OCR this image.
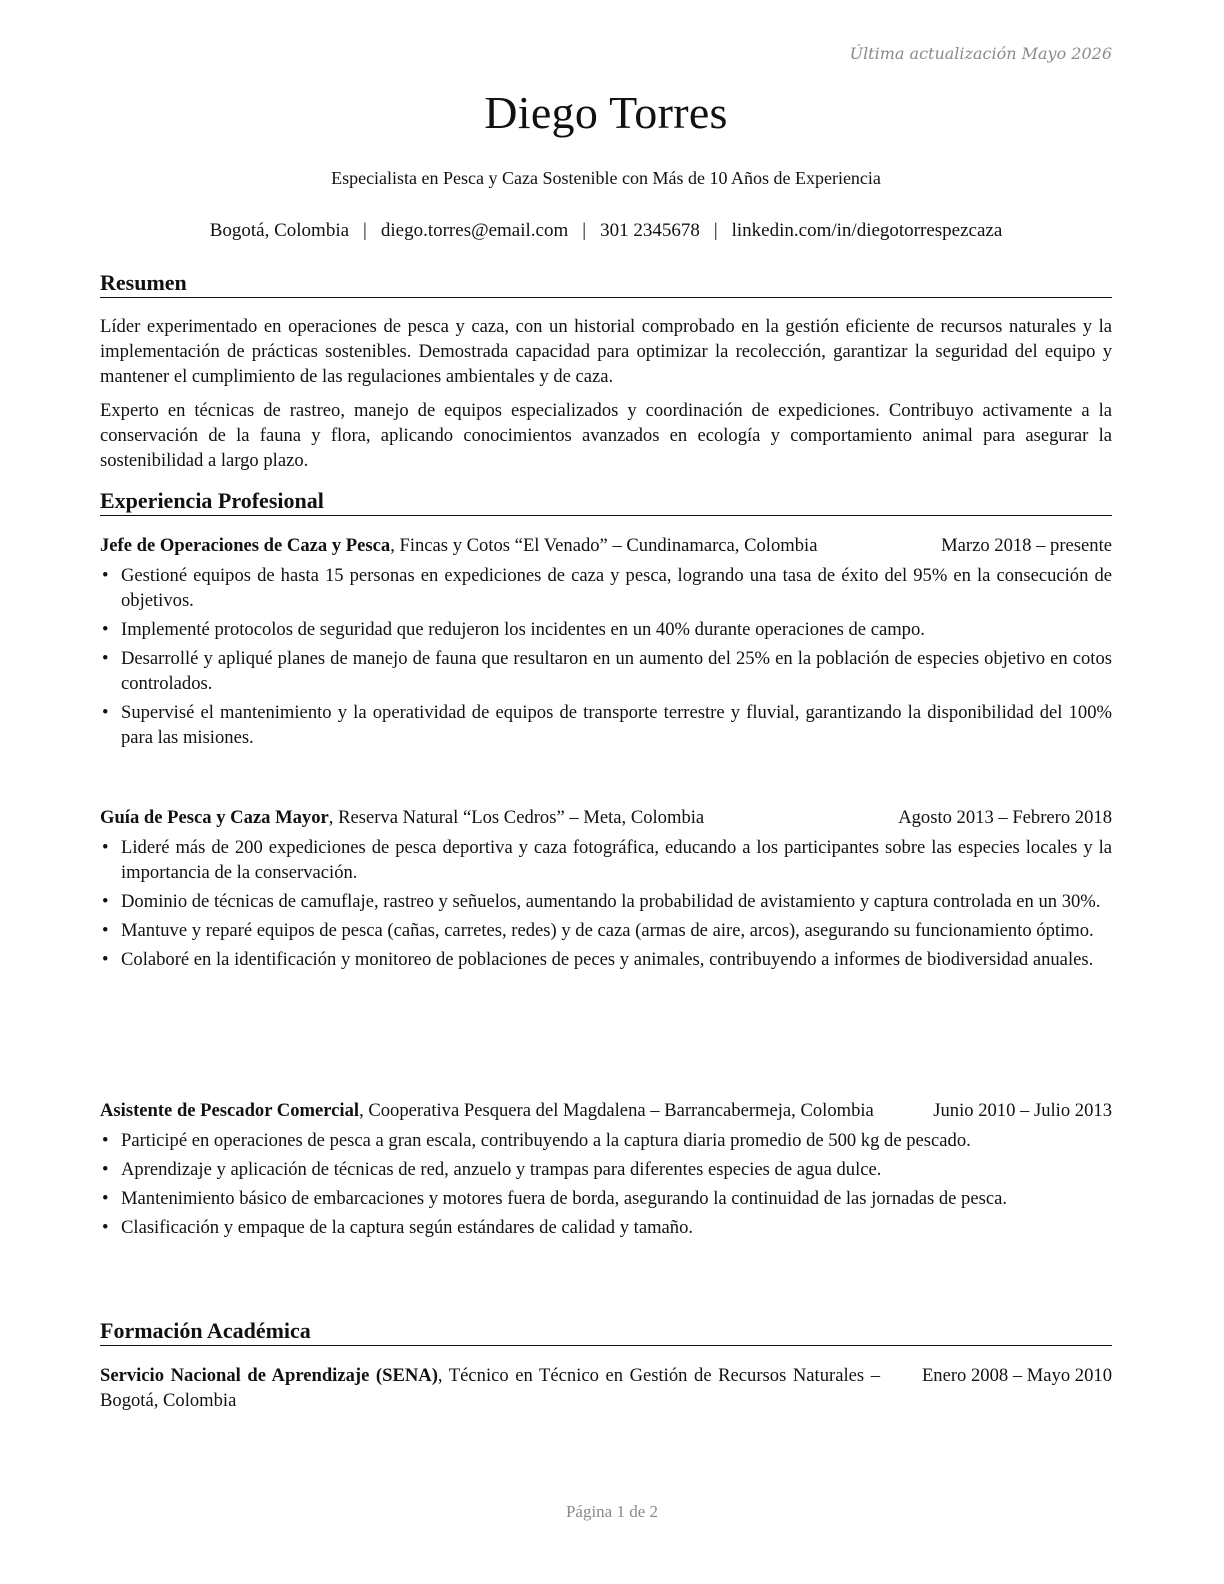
Última actualización Mayo 2026
Diego Torres
Especialista en Pesca y Caza Sostenible con Más de 10 Años de Experiencia
Bogotá, Colombia | diego.torres@email.com | 301 2345678 | linkedin.com/in/diegotorrespezcaza
Resumen

Líder experimentado en operaciones de pesca y caza, con un historial comprobado en la gestión eficiente de recursos naturales y la implementación de prácticas sostenibles. Demostrada capacidad para optimizar la recolección, garantizar la seguridad del equipo y mantener el cumplimiento de las regulaciones ambientales y de caza.

Experto en técnicas de rastreo, manejo de equipos especializados y coordinación de expediciones. Contribuyo activamente a la conservación de la fauna y flora, aplicando conocimientos avanzados en ecología y comportamiento animal para asegurar la sostenibilidad a largo plazo.

Experiencia Profesional
Jefe de Operaciones de Caza y Pesca, Fincas y Cotos “El Venado” – Cundinamarca, Colombia	Marzo 2018 – presente
• Gestioné equipos de hasta 15 personas en expediciones de caza y pesca, logrando una tasa de éxito del 95% en la consecución de objetivos.
• Implementé protocolos de seguridad que redujeron los incidentes en un 40% durante operaciones de campo.
• Desarrollé y apliqué planes de manejo de fauna que resultaron en un aumento del 25% en la población de especies objetivo en cotos controlados.
• Supervisé el mantenimiento y la operatividad de equipos de transporte terrestre y fluvial, garantizando la disponibilidad del 100% para las misiones.
Guía de Pesca y Caza Mayor, Reserva Natural “Los Cedros” – Meta, Colombia	Agosto 2013 – Febrero 2018
• Lideré más de 200 expediciones de pesca deportiva y caza fotográfica, educando a los participantes sobre las especies locales y la importancia de la conservación.
• Dominio de técnicas de camuflaje, rastreo y señuelos, aumentando la probabilidad de avistamiento y captura controlada en un 30%.
• Mantuve y reparé equipos de pesca (cañas, carretes, redes) y de caza (armas de aire, arcos), asegurando su funcionamiento óptimo.
• Colaboré en la identificación y monitoreo de poblaciones de peces y animales, contribuyendo a informes de biodiversidad anuales.
Asistente de Pescador Comercial, Cooperativa Pesquera del Magdalena – Barrancabermeja, Colombia	Junio 2010 – Julio 2013
• Participé en operaciones de pesca a gran escala, contribuyendo a la captura diaria promedio de 500 kg de pescado.
• Aprendizaje y aplicación de técnicas de red, anzuelo y trampas para diferentes especies de agua dulce.
• Mantenimiento básico de embarcaciones y motores fuera de borda, asegurando la continuidad de las jornadas de pesca.
• Clasificación y empaque de la captura según estándares de calidad y tamaño.
Formación Académica
Servicio Nacional de Aprendizaje (SENA), Técnico en Técnico en Gestión de Recursos Naturales – Bogotá, Colombia
Enero 2008 – Mayo 2010
Página 1 de 2
